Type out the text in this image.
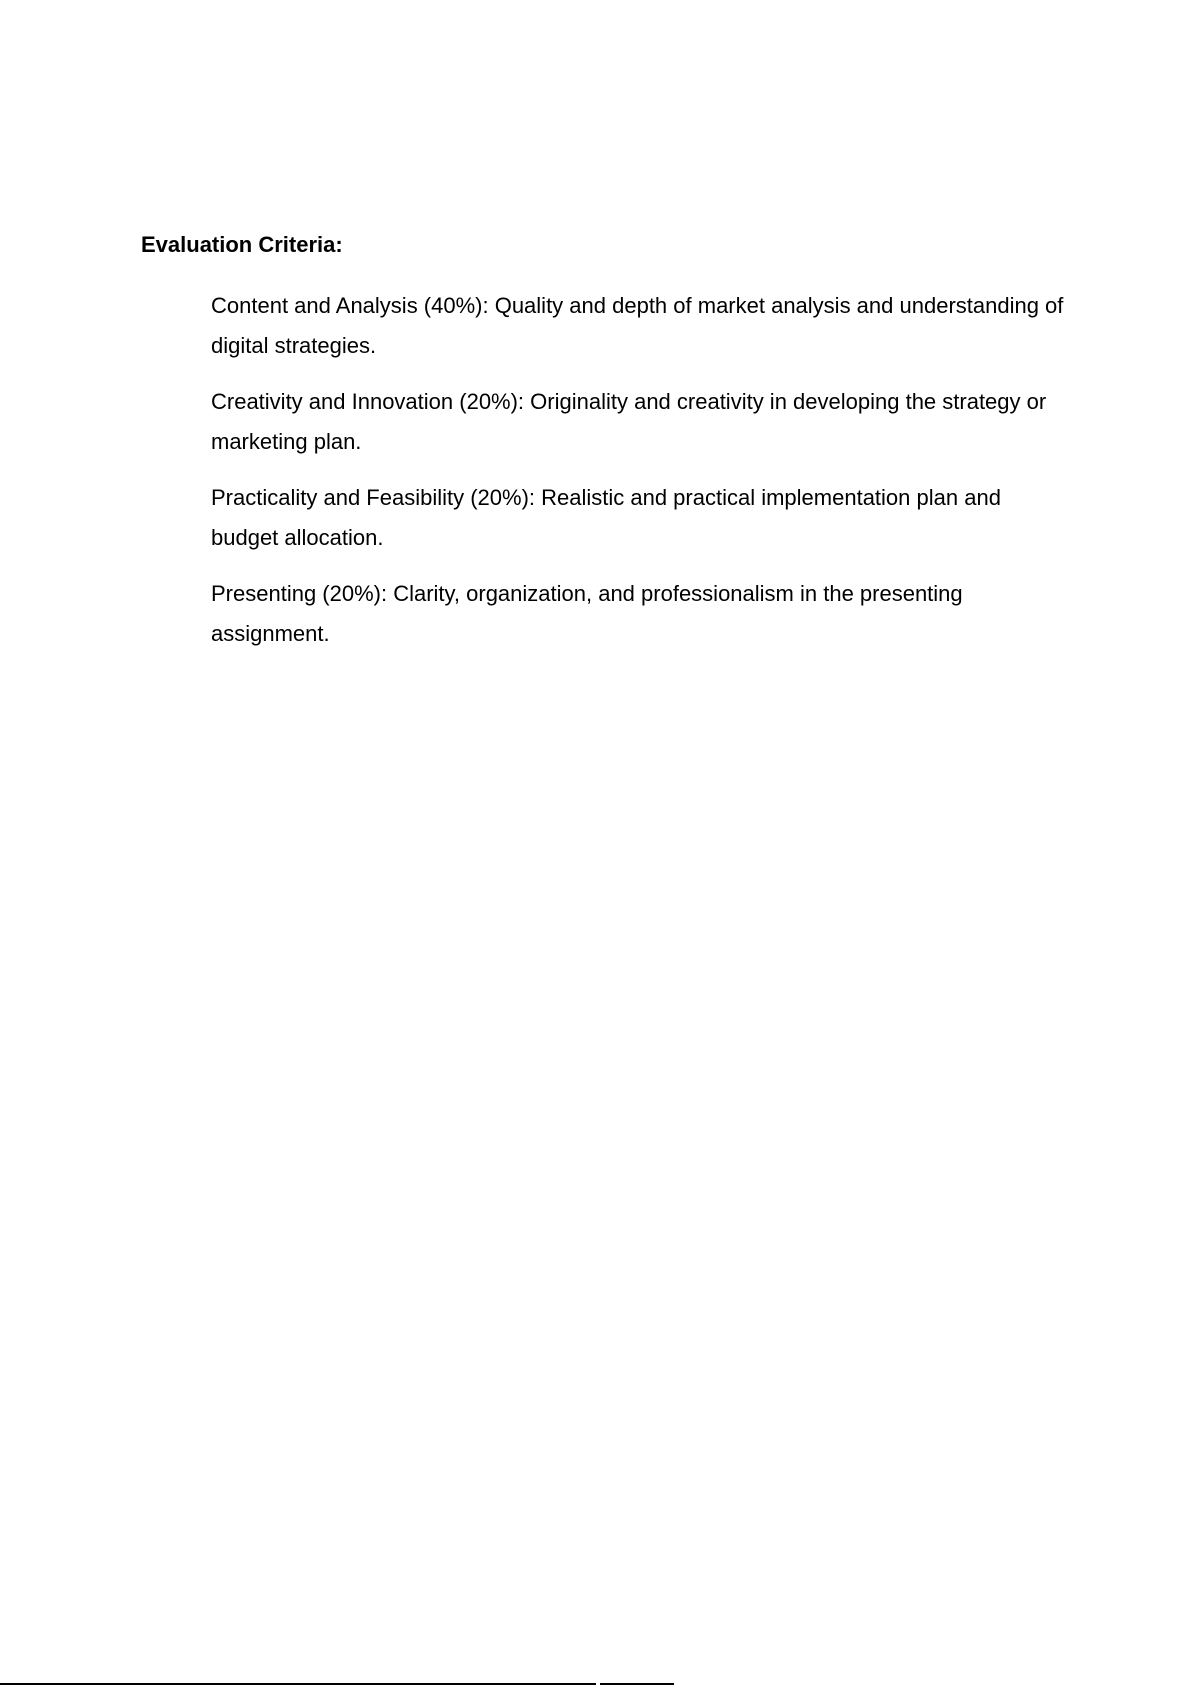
Evaluation Criteria:
Content and Analysis (40%): Quality and depth of market analysis and understanding of digital strategies.
Creativity and Innovation (20%): Originality and creativity in developing the strategy or marketing plan.
Practicality and Feasibility (20%): Realistic and practical implementation plan and budget allocation.
Presenting (20%): Clarity, organization, and professionalism in the presenting assignment.
